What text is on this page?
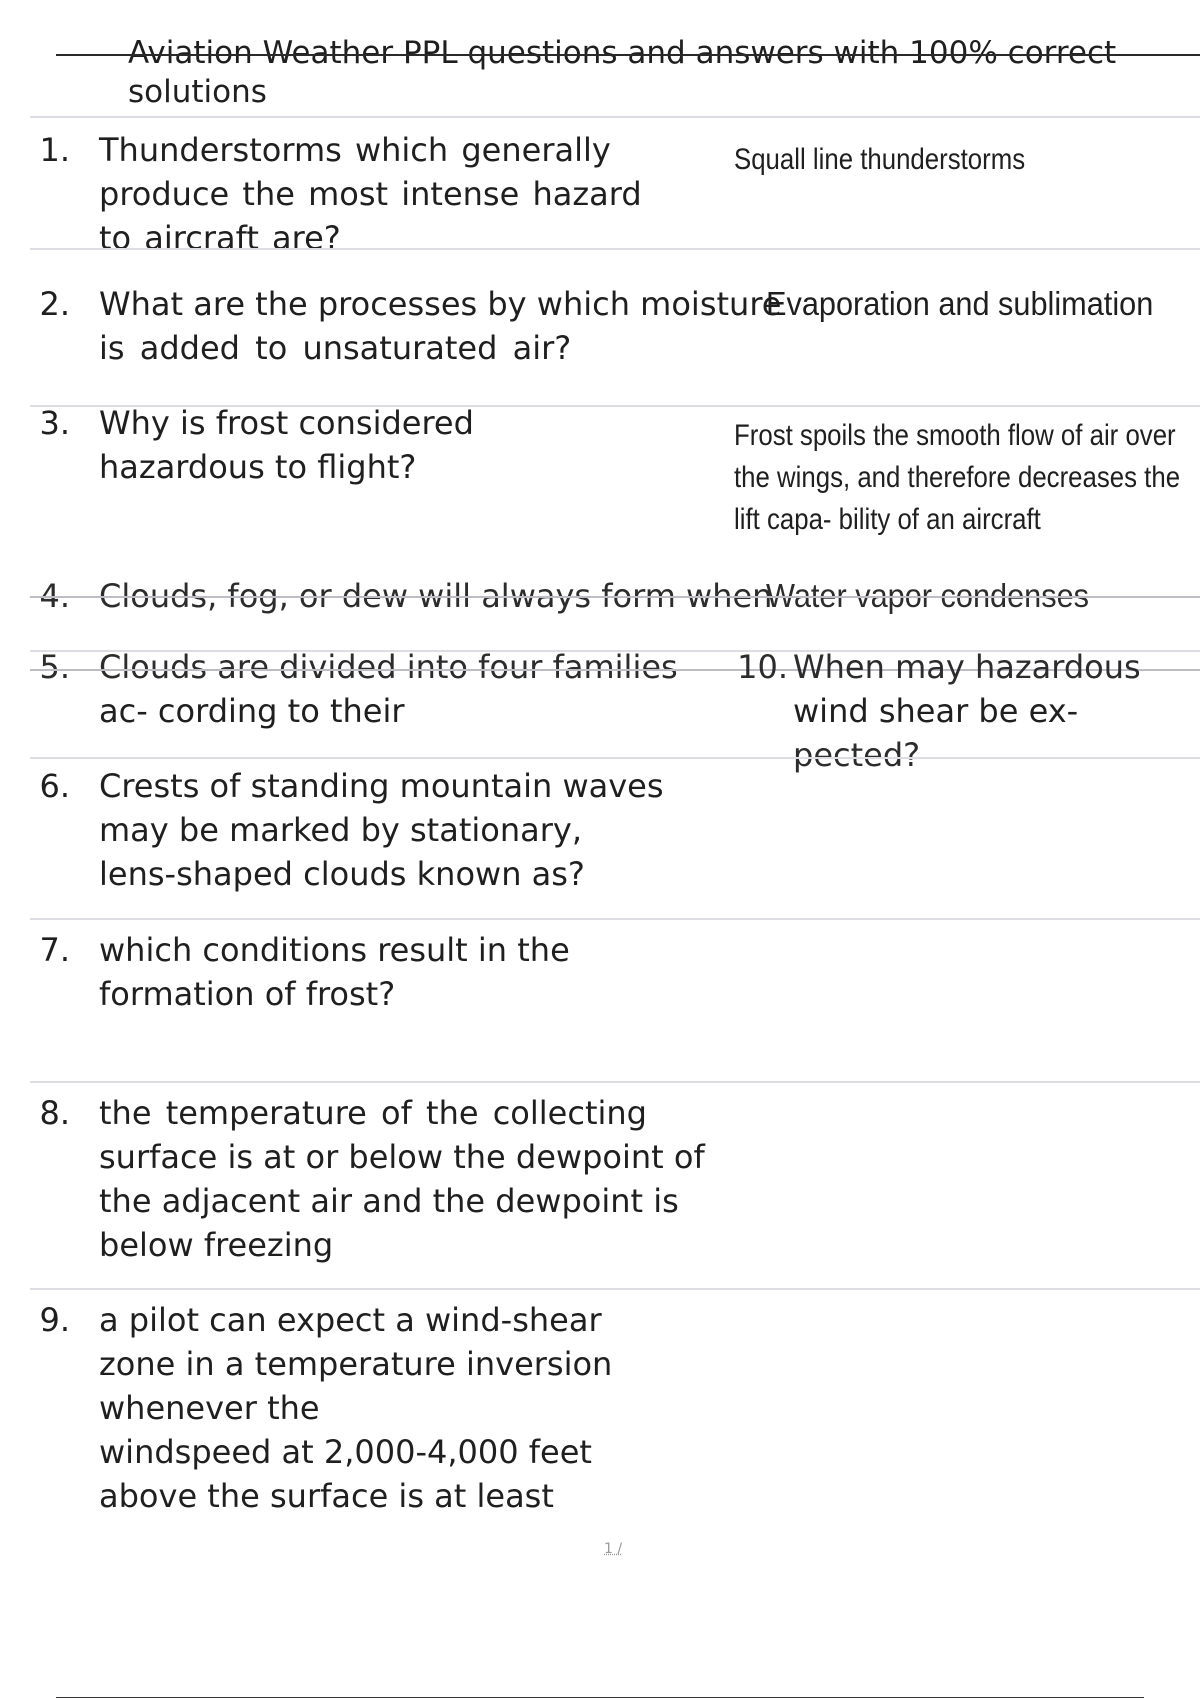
Aviation Weather PPL questions and answers with 100% correct
solutions
1. Thunderstorms which generally
produce the most intense hazard
to aircraft are?
Squall line thunderstorms
2. What are the processes by which moisture
is added to unsaturated air?
Evaporation and sublimation
3. Why is frost considered
hazardous to flight?
Frost spoils the smooth flow of air over
the wings, and therefore decreases the
lift capa- bility of an aircraft
4. Clouds, fog, or dew will always form when
Water vapor condenses
5. Clouds are divided into four families
ac- cording to their
10. When may hazardous
wind shear be ex-
pected?
6. Crests of standing mountain waves
may be marked by stationary,
lens-shaped clouds known as?
7. which conditions result in the
formation of frost?
8. the temperature of the collecting
surface is at or below the dewpoint of
the adjacent air and the dewpoint is
below freezing
9. a pilot can expect a wind-shear
zone in a temperature inversion
whenever the
windspeed at 2,000-4,000 feet
above the surface is at least
1 /
